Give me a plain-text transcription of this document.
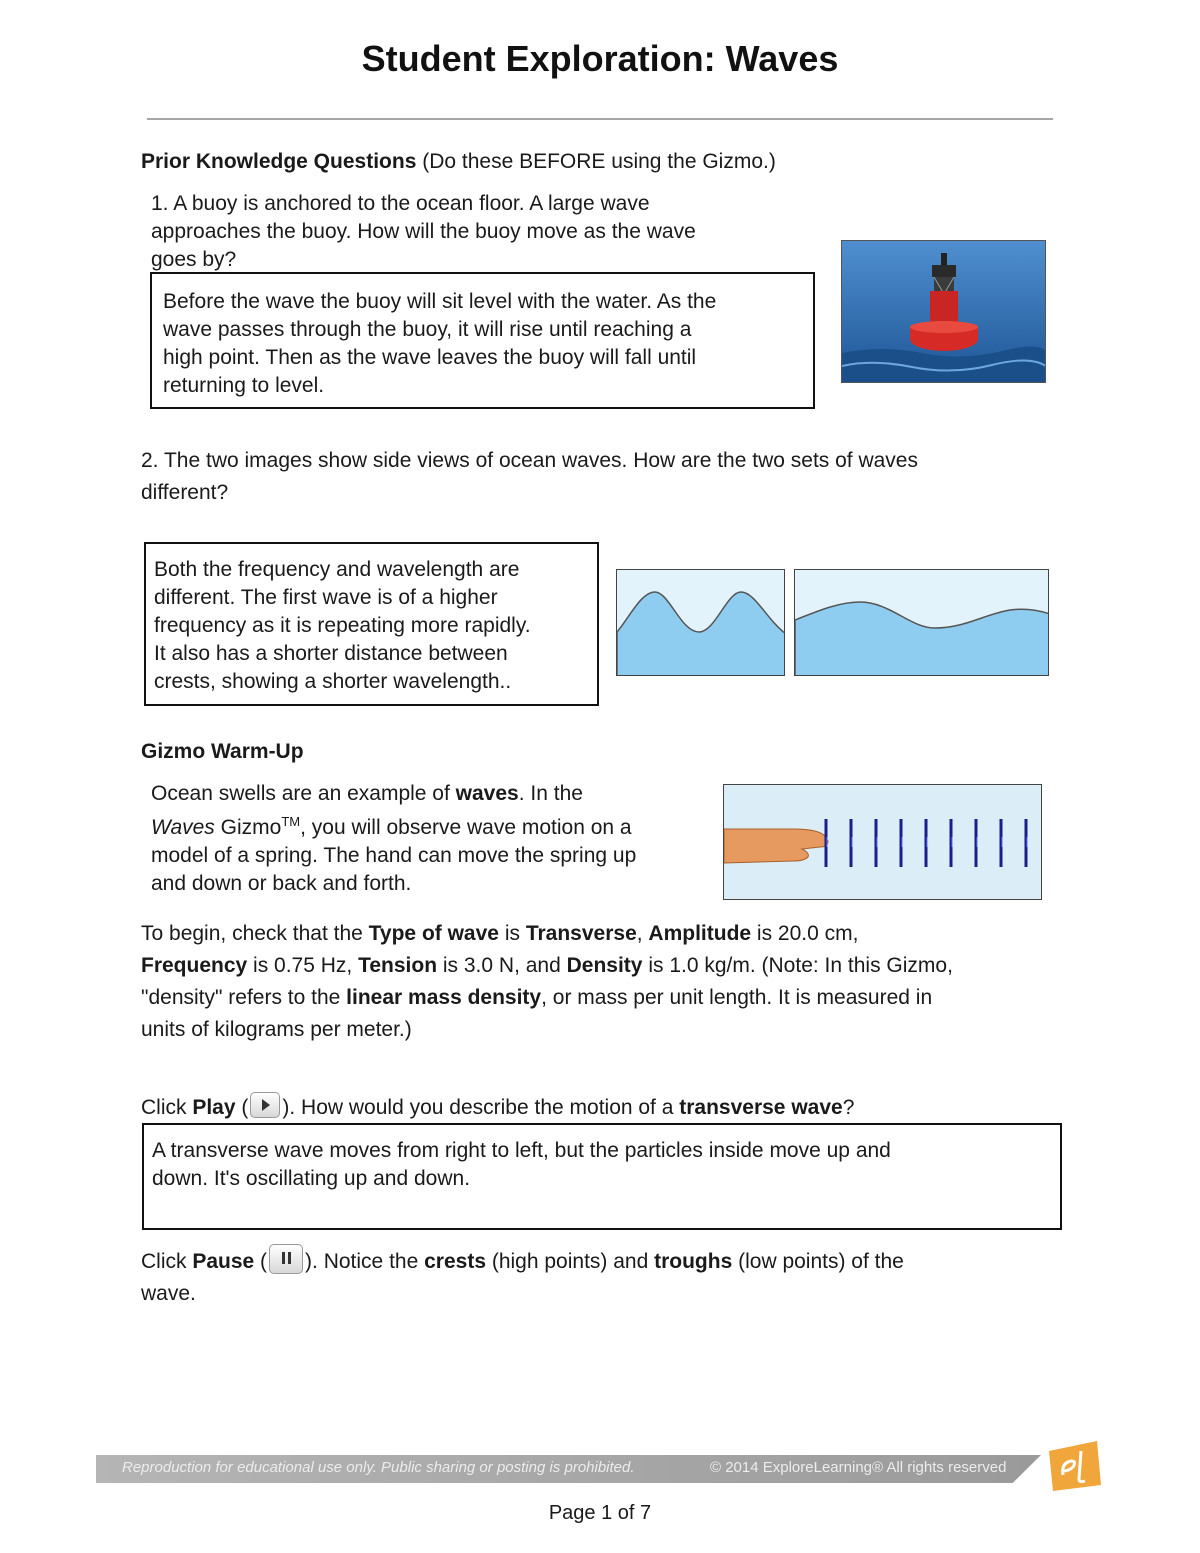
Student Exploration: Waves
Prior Knowledge Questions (Do these BEFORE using the Gizmo.)
1. A buoy is anchored to the ocean floor. A large wave
approaches the buoy. How will the buoy move as the wave
goes by?
Before the wave the buoy will sit level with the water. As the
wave passes through the buoy, it will rise until reaching a
high point. Then as the wave leaves the buoy will fall until
returning to level.
2. The two images show side views of ocean waves. How are the two sets of waves
different?
Both the frequency and wavelength are
different. The first wave is of a higher
frequency as it is repeating more rapidly.
It also has a shorter distance between
crests, showing a shorter wavelength..
Gizmo Warm-Up
Ocean swells are an example of waves. In the
Waves Gizmo™, you will observe wave motion on a
model of a spring. The hand can move the spring up
and down or back and forth.
To begin, check that the Type of wave is Transverse, Amplitude is 20.0 cm,
Frequency is 0.75 Hz, Tension is 3.0 N, and Density is 1.0 kg/m. (Note: In this Gizmo,
"density" refers to the linear mass density, or mass per unit length. It is measured in
units of kilograms per meter.)
Click Play ( ). How would you describe the motion of a transverse wave?
A transverse wave moves from right to left, but the particles inside move up and
down. It's oscillating up and down.
Click Pause ( ). Notice the crests (high points) and troughs (low points) of the
wave.
Reproduction for educational use only. Public sharing or posting is prohibited.	© 2014 ExploreLearning® All rights reserved
Page 1 of 7
